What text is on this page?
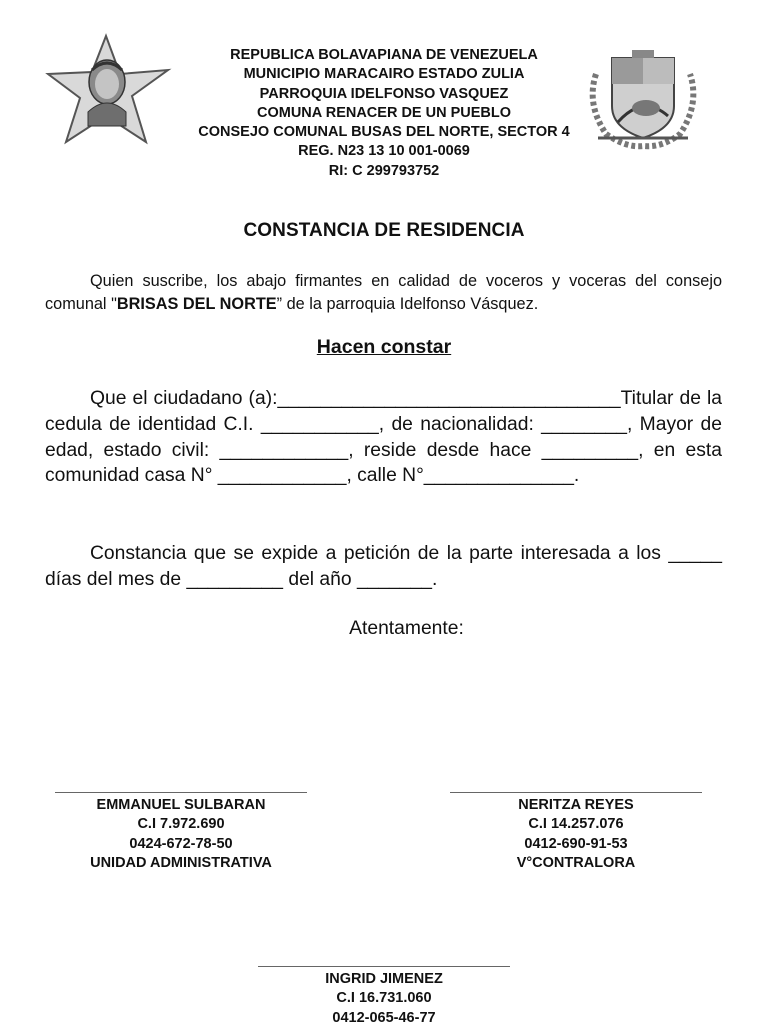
REPUBLICA BOLAVAPIANA DE VENEZUELA
MUNICIPIO MARACAIRO ESTADO ZULIA
PARROQUIA IDELFONSO VASQUEZ
COMUNA RENACER DE UN PUEBLO
CONSEJO COMUNAL BUSAS DEL NORTE, SECTOR 4
REG. N23 13 10 001-0069
RI: C 299793752
CONSTANCIA DE RESIDENCIA
Quien suscribe, los abajo firmantes en calidad de voceros y voceras del consejo comunal "BRISAS DEL NORTE” de la parroquia Idelfonso Vásquez.
Hacen constar
Que el ciudadano (a):________________________________Titular de la cedula de identidad C.I. ___________, de nacionalidad: ________, Mayor de edad, estado civil: ____________, reside desde hace _________, en esta comunidad casa N° ____________, calle N°______________.
Constancia que se expide a petición de la parte interesada a los _____ días del mes de _________ del año _______.
Atentamente:
EMMANUEL SULBARAN
C.I 7.972.690
0424-672-78-50
UNIDAD ADMINISTRATIVA
NERITZA REYES
C.I 14.257.076
0412-690-91-53
V°CONTRALORA
INGRID JIMENEZ
C.I 16.731.060
0412-065-46-77
